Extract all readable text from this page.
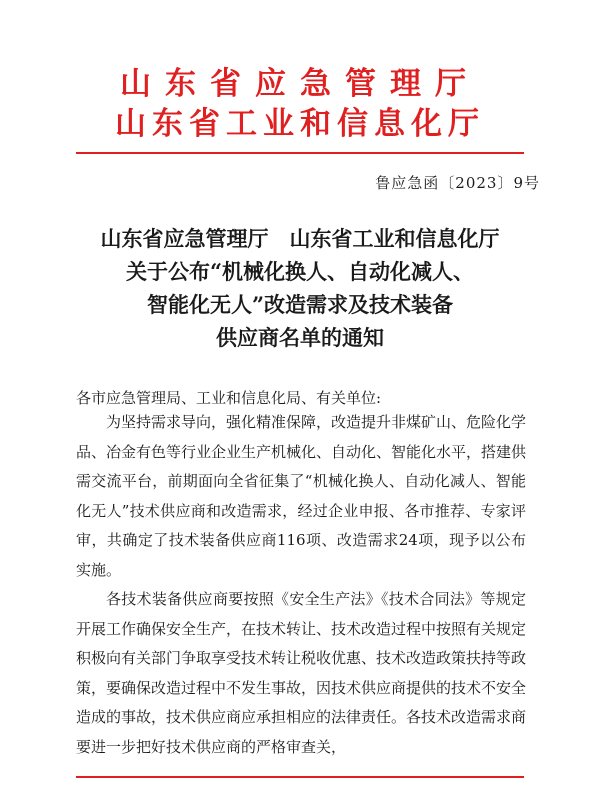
山东省应急管理厅
山东省工业和信息化厅
鲁应急函〔2023〕9号
山东省应急管理厅　山东省工业和信息化厅
关于公布“机械化换人、自动化减人、
智能化无人”改造需求及技术装备
供应商名单的通知
各市应急管理局、工业和信息化局、有关单位:

为坚持需求导向，强化精准保障，改造提升非煤矿山、危险化学品、冶金有色等行业企业生产机械化、自动化、智能化水平，搭建供需交流平台，前期面向全省征集了“机械化换人、自动化减人、智能化无人”技术供应商和改造需求，经过企业申报、各市推荐、专家评审，共确定了技术装备供应商116项、改造需求24项，现予以公布实施。

各技术装备供应商要按照《安全生产法》《技术合同法》等规定开展工作确保安全生产，在技术转让、技术改造过程中按照有关规定积极向有关部门争取享受技术转让税收优惠、技术改造政策扶持等政策，要确保改造过程中不发生事故，因技术供应商提供的技术不安全造成的事故，技术供应商应承担相应的法律责任。各技术改造需求商要进一步把好技术供应商的严格审查关，
